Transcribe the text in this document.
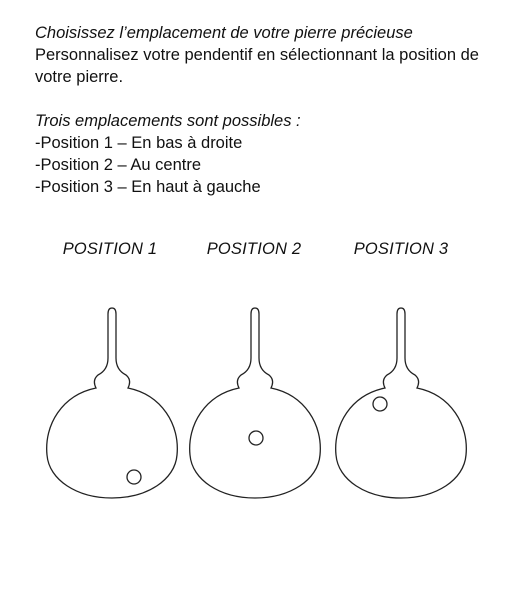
Choisissez l’emplacement de votre pierre précieuse

Personnalisez votre pendentif en sélectionnant la position de votre pierre.

Trois emplacements sont possibles :

-Position 1 – En bas à droite

-Position 2 – Au centre

-Position 3 – En haut à gauche

POSITION 1	POSITION 2	POSITION 3
